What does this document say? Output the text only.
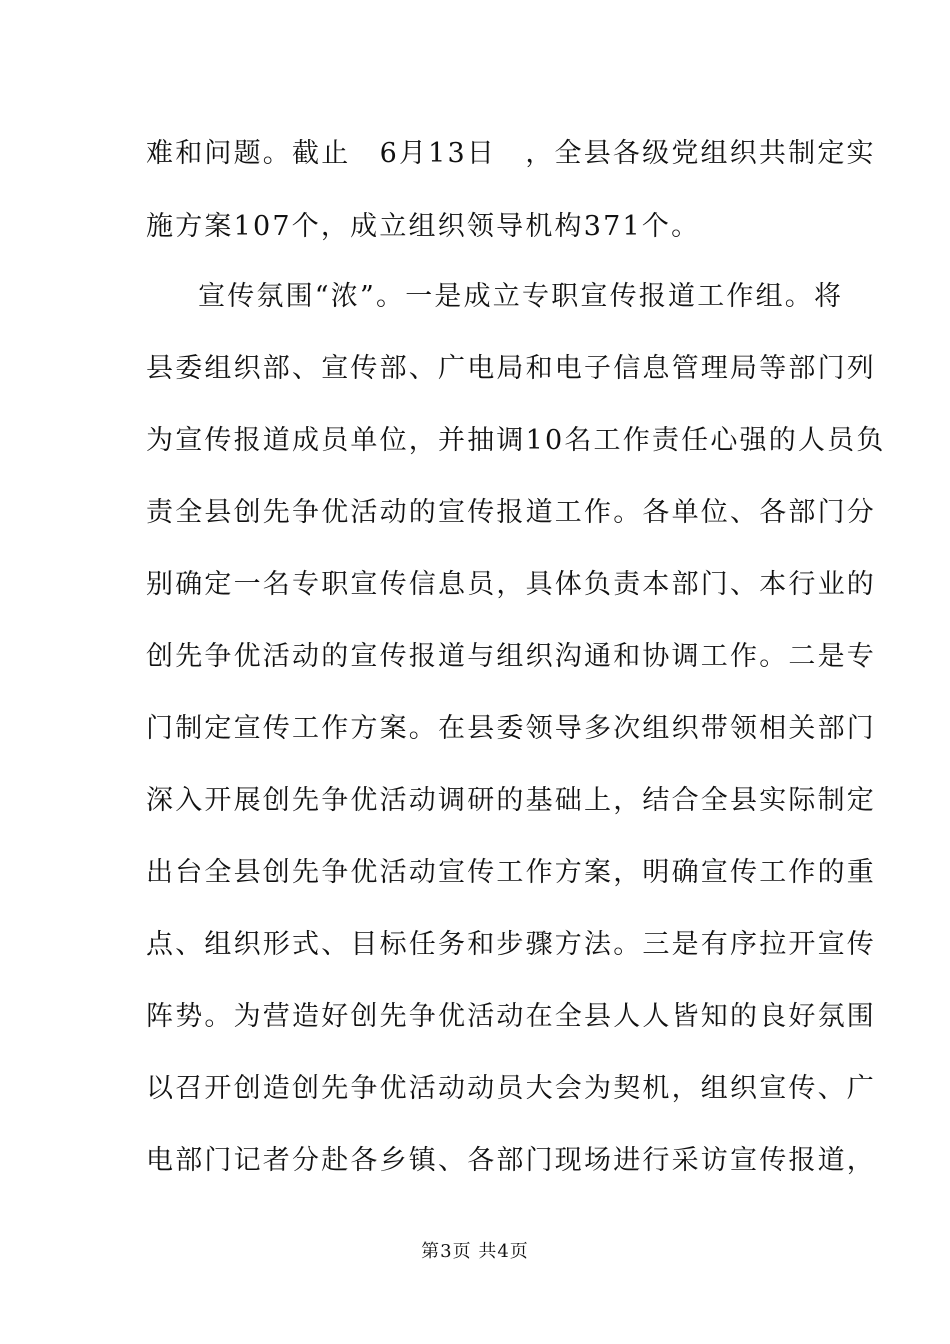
难和问题。截止　6月13日　，全县各级党组织共制定实
施方案107个，成立组织领导机构371个。
宣传氛围“浓”。一是成立专职宣传报道工作组。将
县委组织部、宣传部、广电局和电子信息管理局等部门列
为宣传报道成员单位，并抽调10名工作责任心强的人员负
责全县创先争优活动的宣传报道工作。各单位、各部门分
别确定一名专职宣传信息员，具体负责本部门、本行业的
创先争优活动的宣传报道与组织沟通和协调工作。二是专
门制定宣传工作方案。在县委领导多次组织带领相关部门
深入开展创先争优活动调研的基础上，结合全县实际制定
出台全县创先争优活动宣传工作方案，明确宣传工作的重
点、组织形式、目标任务和步骤方法。三是有序拉开宣传
阵势。为营造好创先争优活动在全县人人皆知的良好氛围
以召开创造创先争优活动动员大会为契机，组织宣传、广
电部门记者分赴各乡镇、各部门现场进行采访宣传报道，
第3页 共4页
